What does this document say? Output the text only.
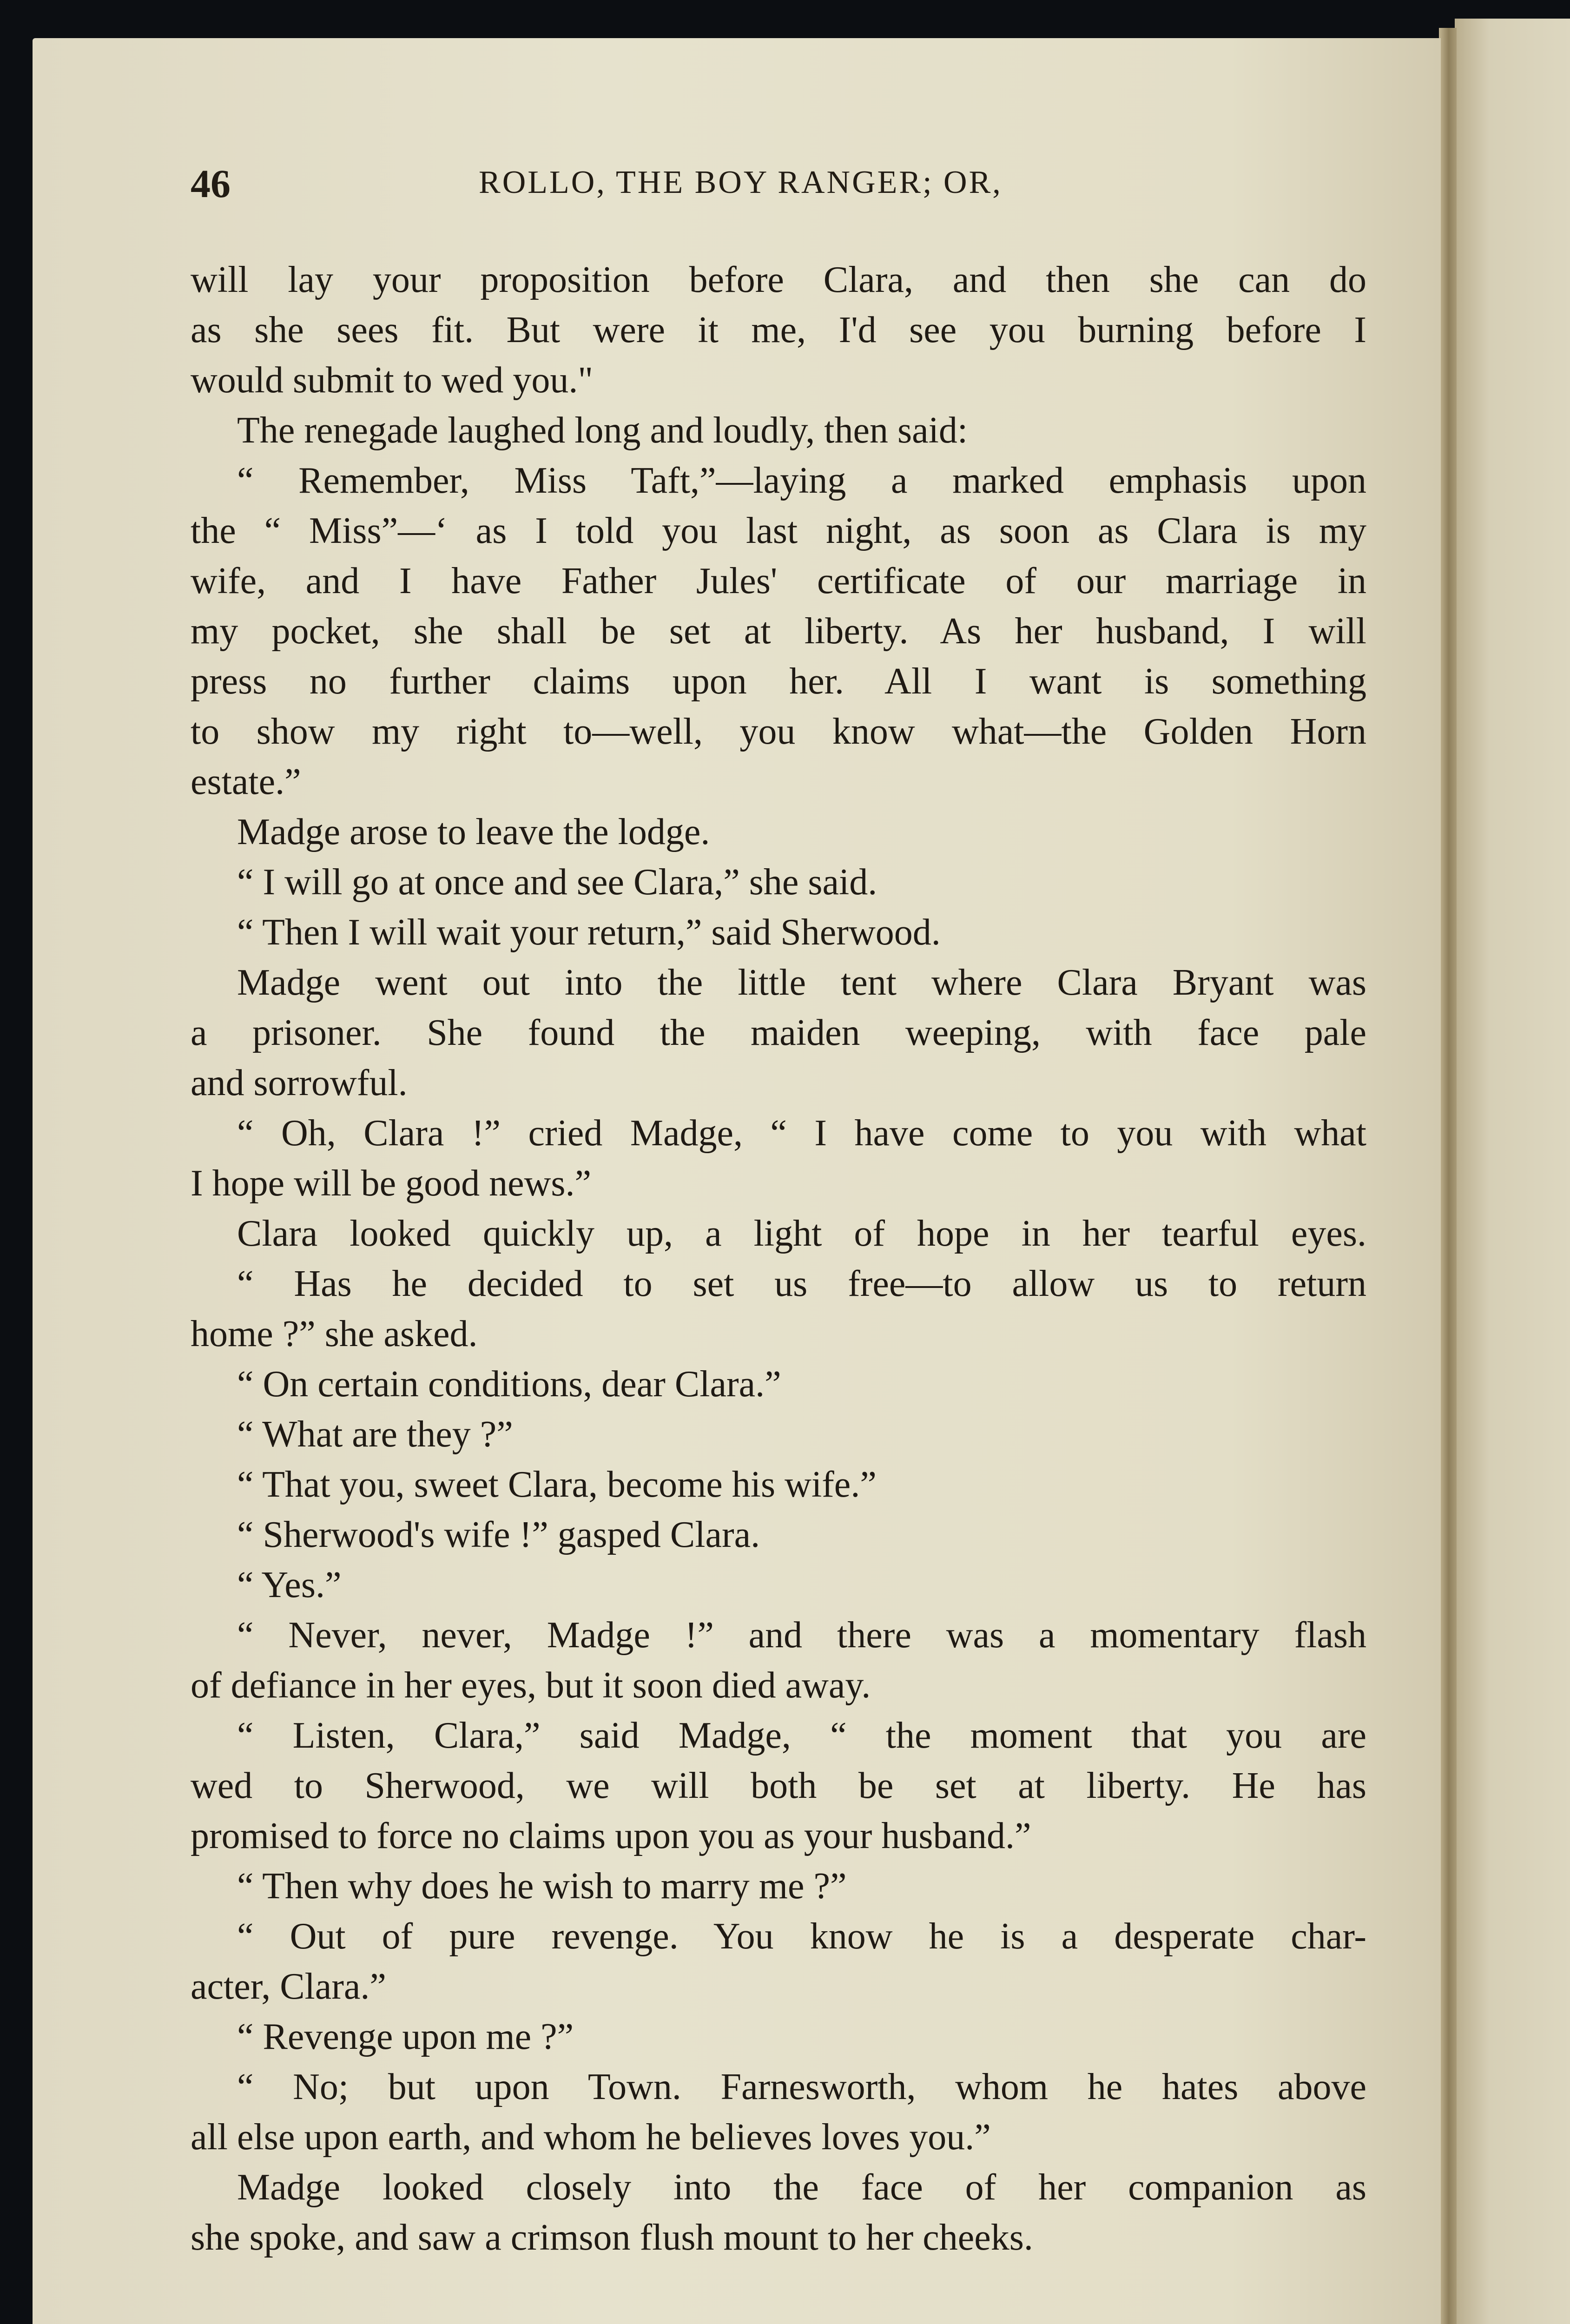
46	ROLLO, THE BOY RANGER; OR,
will lay your proposition before Clara, and then she can do
as she sees fit. But were it me, I'd see you burning before I
would submit to wed you."
The renegade laughed long and loudly, then said:
“ Remember, Miss Taft,”—laying a marked emphasis upon
the “ Miss”—‘ as I told you last night, as soon as Clara is my
wife, and I have Father Jules' certificate of our marriage in
my pocket, she shall be set at liberty. As her husband, I will
press no further claims upon her. All I want is something
to show my right to—well, you know what—the Golden Horn
estate.”
Madge arose to leave the lodge.
“ I will go at once and see Clara,” she said.
“ Then I will wait your return,” said Sherwood.
Madge went out into the little tent where Clara Bryant was
a prisoner. She found the maiden weeping, with face pale
and sorrowful.
“ Oh, Clara !” cried Madge, “ I have come to you with what
I hope will be good news.”
Clara looked quickly up, a light of hope in her tearful eyes.
“ Has he decided to set us free—to allow us to return
home ?” she asked.
“ On certain conditions, dear Clara.”
“ What are they ?”
“ That you, sweet Clara, become his wife.”
“ Sherwood's wife !” gasped Clara.
“ Yes.”
“ Never, never, Madge !” and there was a momentary flash
of defiance in her eyes, but it soon died away.
“ Listen, Clara,” said Madge, “ the moment that you are
wed to Sherwood, we will both be set at liberty. He has
promised to force no claims upon you as your husband.”
“ Then why does he wish to marry me ?”
“ Out of pure revenge. You know he is a desperate char-
acter, Clara.”
“ Revenge upon me ?”
“ No; but upon Town. Farnesworth, whom he hates above
all else upon earth, and whom he believes loves you.”
Madge looked closely into the face of her companion as
she spoke, and saw a crimson flush mount to her cheeks.
